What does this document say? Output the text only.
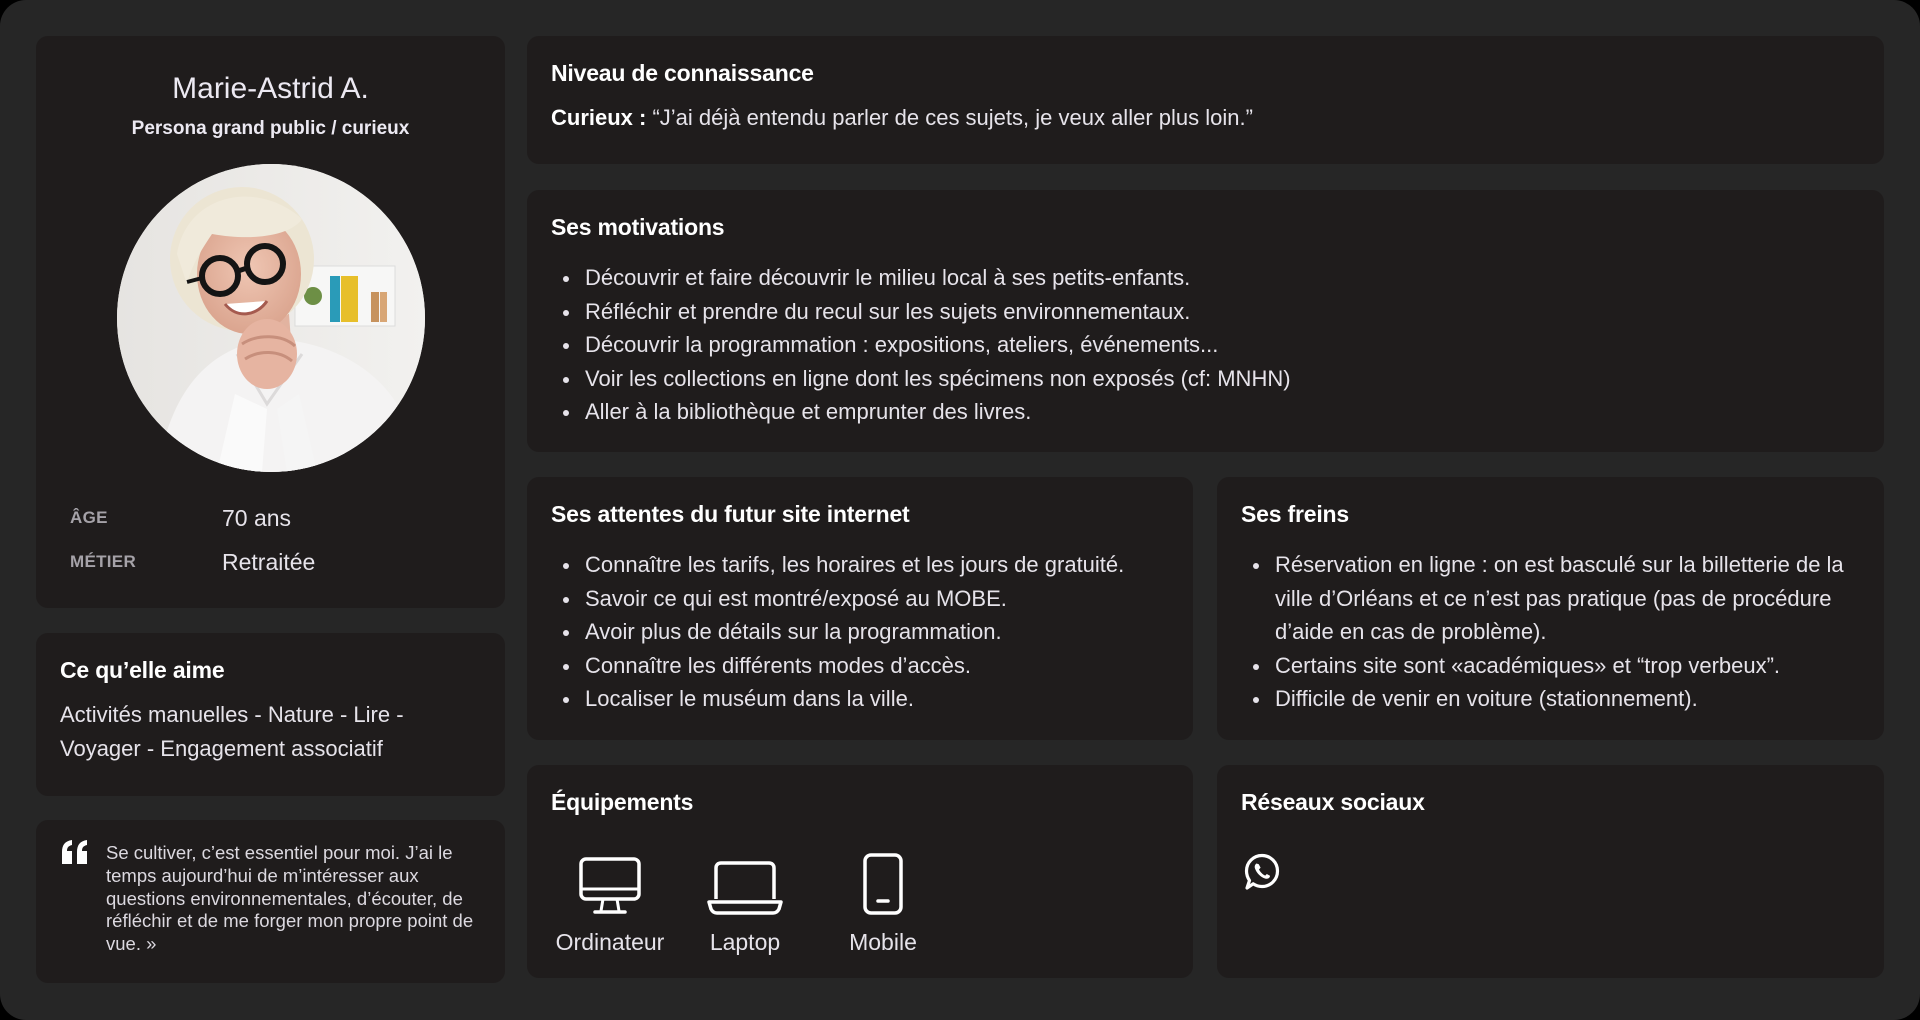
Marie-Astrid A.
Persona grand public / curieux
ÂGE	70 ans
MÉTIER	Retraitée
Ce qu’elle aime

Activités manuelles - Nature - Lire - Voyager - Engagement associatif

Se cultiver, c’est essentiel pour moi. J’ai le temps aujourd’hui de m’intéresser aux questions environnementales, d’écouter, de réfléchir et de me forger mon propre point de vue. »

Niveau de connaissance

Curieux : “J’ai déjà entendu parler de ces sujets, je veux aller plus loin.”

Ses motivations
Découvrir et faire découvrir le milieu local à ses petits-enfants.
Réfléchir et prendre du recul sur les sujets environnementaux.
Découvrir la programmation : expositions, ateliers, événements...
Voir les collections en ligne dont les spécimens non exposés (cf: MNHN)
Aller à la bibliothèque et emprunter des livres.
Ses attentes du futur site internet
Connaître les tarifs, les horaires et les jours de gratuité.
Savoir ce qui est montré/exposé au MOBE.
Avoir plus de détails sur la programmation.
Connaître les différents modes d’accès.
Localiser le muséum dans la ville.
Ses freins
Réservation en ligne : on est basculé sur la billetterie de la ville d’Orléans et ce n’est pas pratique (pas de procédure d’aide en cas de problème).
Certains site sont «académiques» et “trop verbeux”.
Difficile de venir en voiture (stationnement).
Équipements
Ordinateur Laptop	Mobile
Réseaux sociaux
